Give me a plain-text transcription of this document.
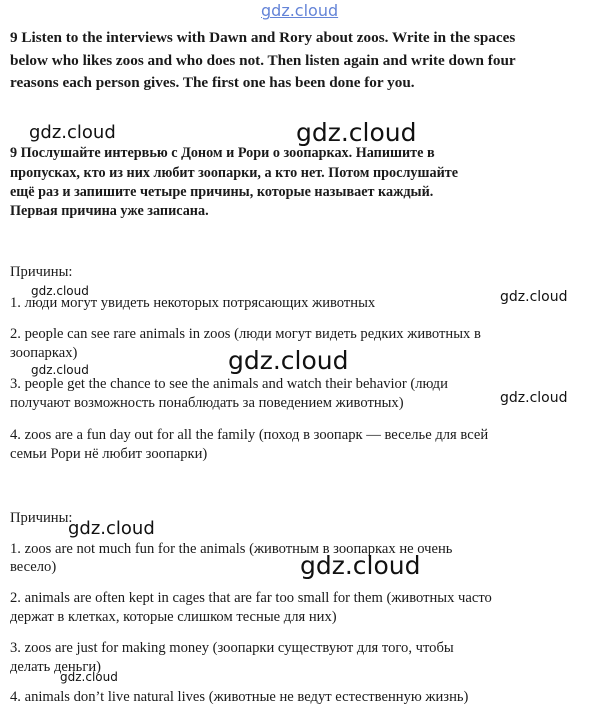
gdz.cloud
9 Listen to the interviews with Dawn and Rory about zoos. Write in the spaces
below who likes zoos and who does not. Then listen again and write down four
reasons each person gives. The first one has been done for you.
gdz.cloud	gdz.cloud
9 Послушайте интервью с Доном и Рори о зоопарках. Напишите в
пропусках, кто из них любит зоопарки, а кто нет. Потом прослушайте
ещё раз и запишите четыре причины, которые называет каждый.
Первая причина уже записана.
Причины:
gdz.cloud
1. люди могут увидеть некоторых потрясающих животных	gdz.cloud
2. people can see rare animals in zoos (люди могут видеть редких животных в
зоопарках)	gdz.cloud
gdz.cloud
3. people get the chance to see the animals and watch their behavior (люди
gdz.cloud
получают возможность понаблюдать за поведением животных)
4. zoos are a fun day out for all the family (поход в зоопарк — веселье для всей
семьи Рори нё любит зоопарки)
Причины:
gdz.cloud
1. zoos are not much fun for the animals (животным в зоопарках не очень
gdz.cloud
весело)
2. animals are often kept in cages that are far too small for them (животных часто
держат в клетках, которые слишком тесные для них)
3. zoos are just for making money (зоопарки существуют для того, чтобы
делать деньги)
gdz.cloud
4. animals don’t live natural lives (животные не ведут естественную жизнь)
